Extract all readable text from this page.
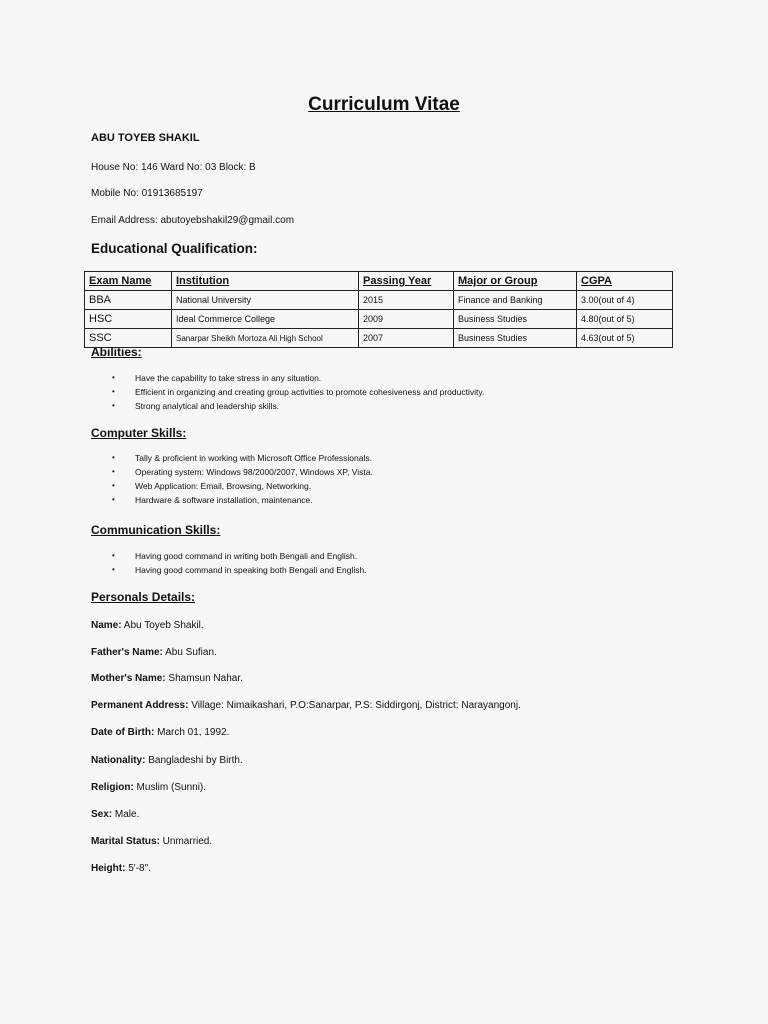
Curriculum Vitae
ABU TOYEB SHAKIL
House No: 146 Ward No: 03 Block: B
Mobile No: 01913685197
Email Address: abutoyebshakil29@gmail.com
Educational Qualification:
Exam Name	Institution	Passing Year	Major or Group	CGPA
BBA	National University	2015	Finance and Banking	3.00(out of 4)
HSC	Ideal Commerce College	2009	Business Studies	4.80(out of 5)
SSC	Sanarpar Sheikh Mortoza Ali High School	2007	Business Studies	4.63(out of 5)
Abilities:
• Have the capability to take stress in any situation.
• Efficient in organizing and creating group activities to promote cohesiveness and productivity.
• Strong analytical and leadership skills.
Computer Skills:
• Tally & proficient in working with Microsoft Office Professionals.
• Operating system: Windows 98/2000/2007, Windows XP, Vista.
• Web Application: Email, Browsing, Networking.
• Hardware & software installation, maintenance.
Communication Skills:
• Having good command in writing both Bengali and English.
• Having good command in speaking both Bengali and English.
Personals Details:
Name: Abu Toyeb Shakil.
Father's Name: Abu Sufian.
Mother's Name: Shamsun Nahar.
Permanent Address: Village: Nimaikashari, P.O:Sanarpar, P.S: Siddirgonj, District: Narayangonj.
Date of Birth: March 01, 1992.
Nationality: Bangladeshi by Birth.
Religion: Muslim (Sunni).
Sex: Male.
Marital Status: Unmarried.
Height: 5'-8".
